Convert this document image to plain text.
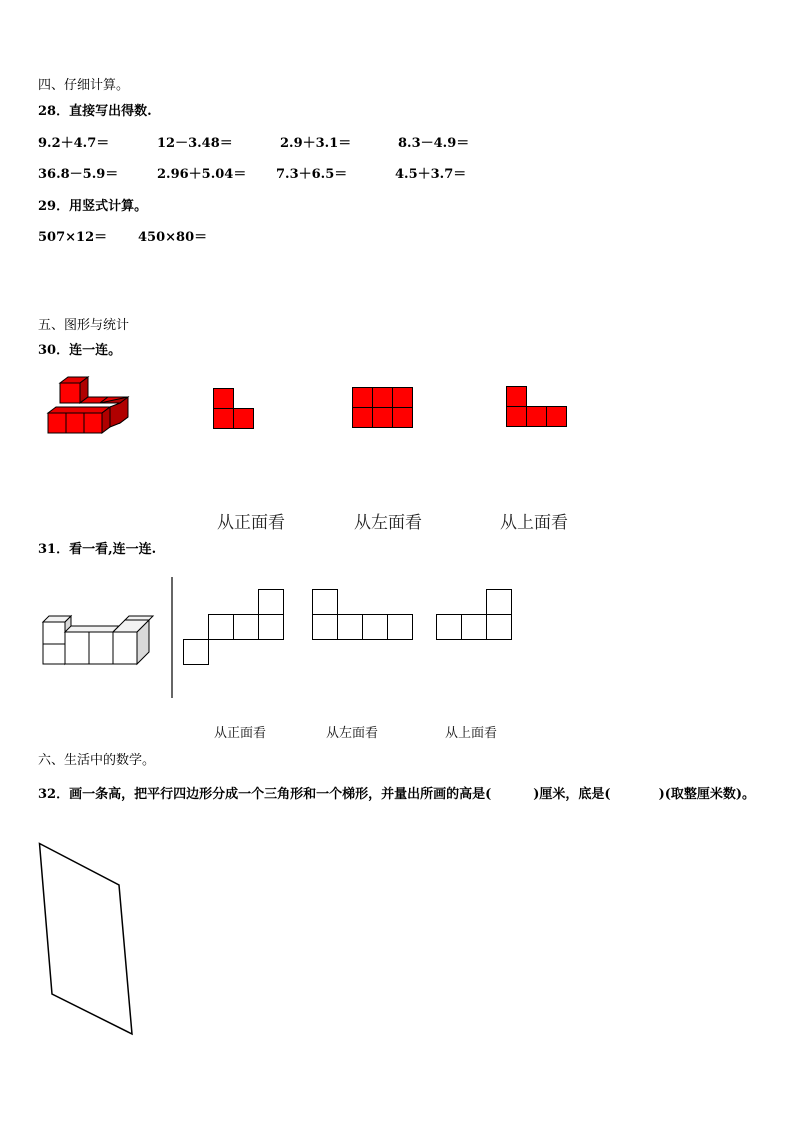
四、仔细计算。
28．直接写出得数.
9.2＋4.7＝	12－3.48＝	2.9＋3.1＝	8.3－4.9＝
36.8－5.9＝	2.96＋5.04＝ 7.3＋6.5＝	4.5＋3.7＝
29．用竖式计算。
507×12＝ 450×80＝
五、图形与统计
30．连一连。
从正面看	从左面看	从上面看
31．看一看,连一连.
从正面看	从左面看	从上面看
六、生活中的数学。
32．画一条高，把平行四边形分成一个三角形和一个梯形，并量出所画的高是(	)厘米，底是(	)(取整厘米数)。
